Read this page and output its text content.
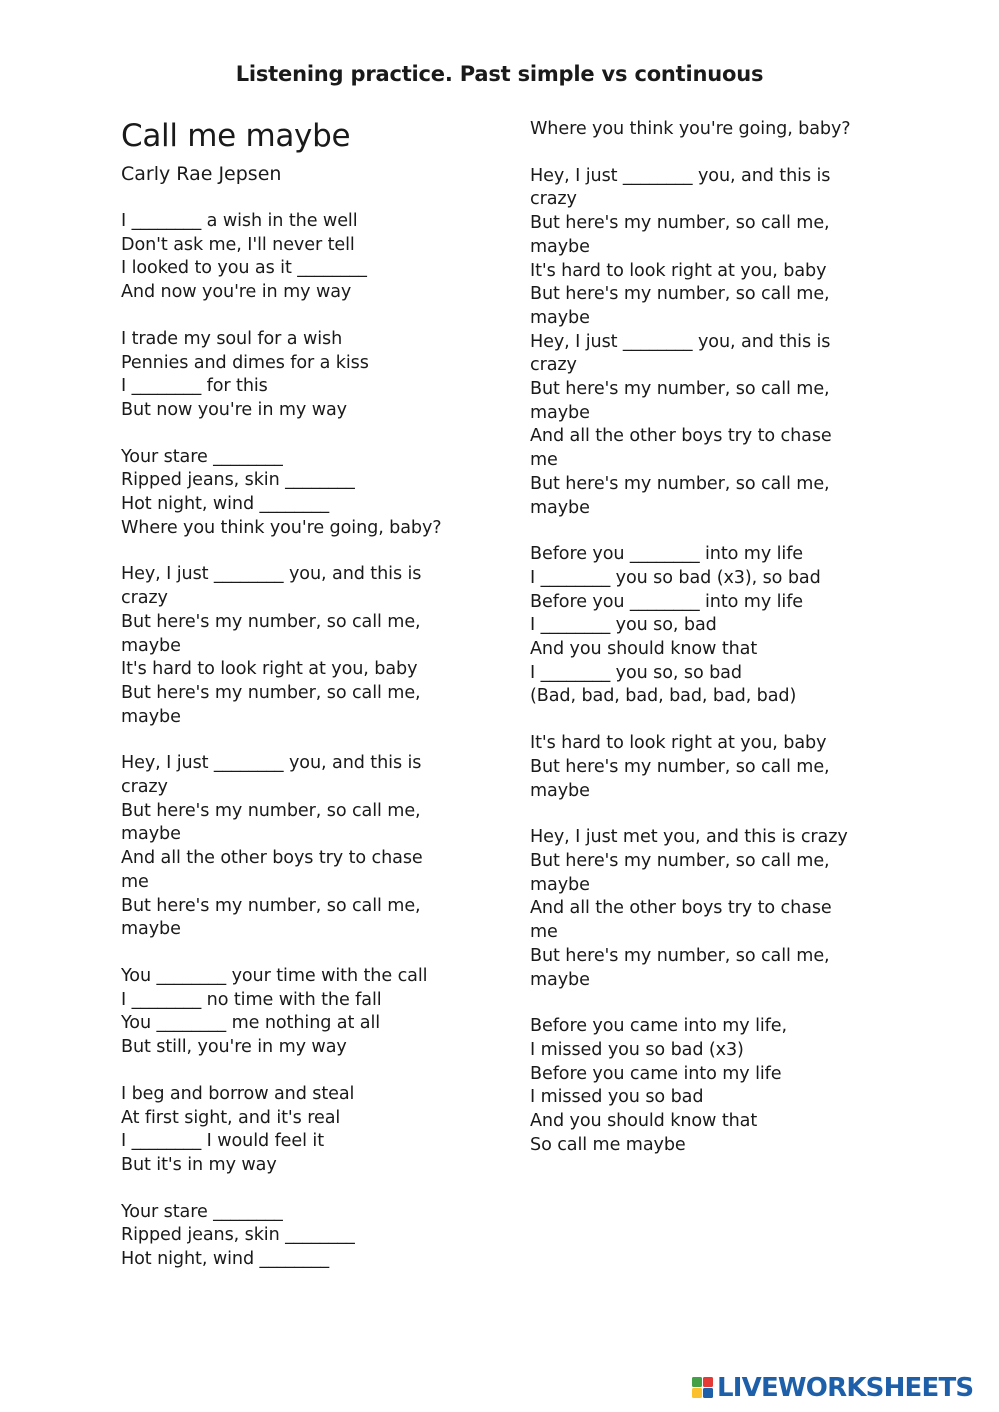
Listening practice. Past simple vs continuous
Call me maybe
Carly Rae Jepsen
I ________ a wish in the well
Don't ask me, I'll never tell
I looked to you as it ________
And now you're in my way
I trade my soul for a wish
Pennies and dimes for a kiss
I ________ for this
But now you're in my way
Your stare ________
Ripped jeans, skin ________
Hot night, wind ________
Where you think you're going, baby?
Hey, I just ________ you, and this is
crazy
But here's my number, so call me,
maybe
It's hard to look right at you, baby
But here's my number, so call me,
maybe
Hey, I just ________ you, and this is
crazy
But here's my number, so call me,
maybe
And all the other boys try to chase
me
But here's my number, so call me,
maybe
You ________ your time with the call
I ________ no time with the fall
You ________ me nothing at all
But still, you're in my way
I beg and borrow and steal
At first sight, and it's real
I ________ I would feel it
But it's in my way
Your stare ________
Ripped jeans, skin ________
Hot night, wind ________
Where you think you're going, baby?
Hey, I just ________ you, and this is
crazy
But here's my number, so call me,
maybe
It's hard to look right at you, baby
But here's my number, so call me,
maybe
Hey, I just ________ you, and this is
crazy
But here's my number, so call me,
maybe
And all the other boys try to chase
me
But here's my number, so call me,
maybe
Before you ________ into my life
I ________ you so bad (x3), so bad
Before you ________ into my life
I ________ you so, bad
And you should know that
I ________ you so, so bad
(Bad, bad, bad, bad, bad, bad)
It's hard to look right at you, baby
But here's my number, so call me,
maybe
Hey, I just met you, and this is crazy
But here's my number, so call me,
maybe
And all the other boys try to chase
me
But here's my number, so call me,
maybe
Before you came into my life,
I missed you so bad (x3)
Before you came into my life
I missed you so bad
And you should know that
So call me maybe
LIVEWORKSHEETS
